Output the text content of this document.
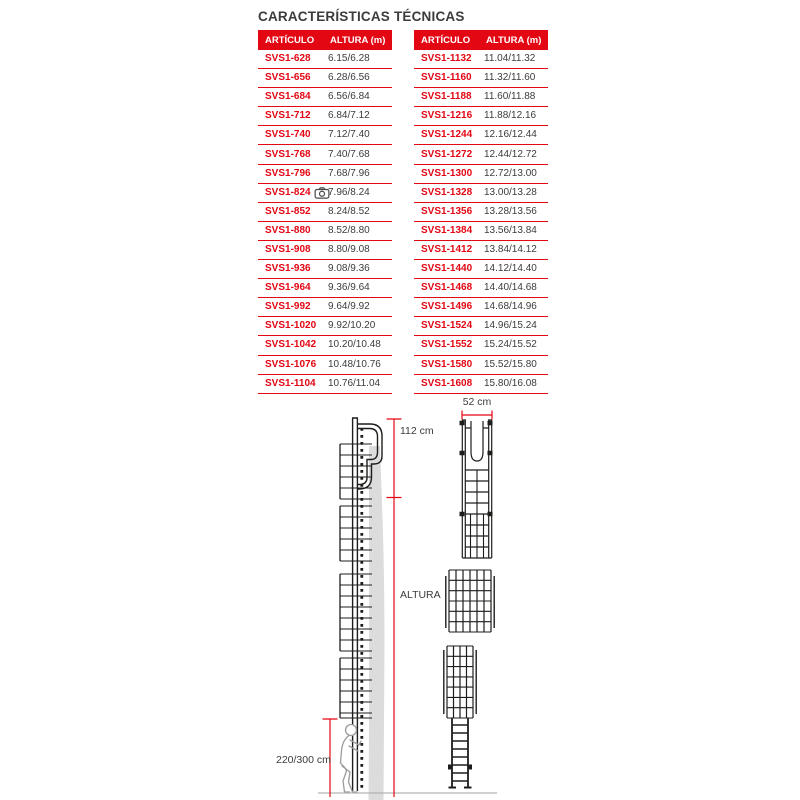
CARACTERÍSTICAS TÉCNICAS
ARTÍCULO	ALTURA (m)
SVS1-628 6.15/6.28
SVS1-656 6.28/6.56
SVS1-684 6.56/6.84
SVS1-712 6.84/7.12
SVS1-740 7.12/7.40
SVS1-768 7.40/7.68
SVS1-796 7.68/7.96
SVS1-824 7.96/8.24
SVS1-852 8.24/8.52
SVS1-880 8.52/8.80
SVS1-908 8.80/9.08
SVS1-936 9.08/9.36
SVS1-964 9.36/9.64
SVS1-992 9.64/9.92
SVS1-1020 9.92/10.20
SVS1-1042 10.20/10.48
SVS1-1076 10.48/10.76
SVS1-1104 10.76/11.04
ARTÍCULO	ALTURA (m)
SVS1-1132 11.04/11.32
SVS1-1160 11.32/11.60
SVS1-1188 11.60/11.88
SVS1-1216 11.88/12.16
SVS1-1244 12.16/12.44
SVS1-1272 12.44/12.72
SVS1-1300 12.72/13.00
SVS1-1328 13.00/13.28
SVS1-1356 13.28/13.56
SVS1-1384 13.56/13.84
SVS1-1412 13.84/14.12
SVS1-1440 14.12/14.40
SVS1-1468 14.40/14.68
SVS1-1496 14.68/14.96
SVS1-1524 14.96/15.24
SVS1-1552 15.24/15.52
SVS1-1580 15.52/15.80
SVS1-1608 15.80/16.08
52 cm
112 cm
ALTURA
220/300 cm
